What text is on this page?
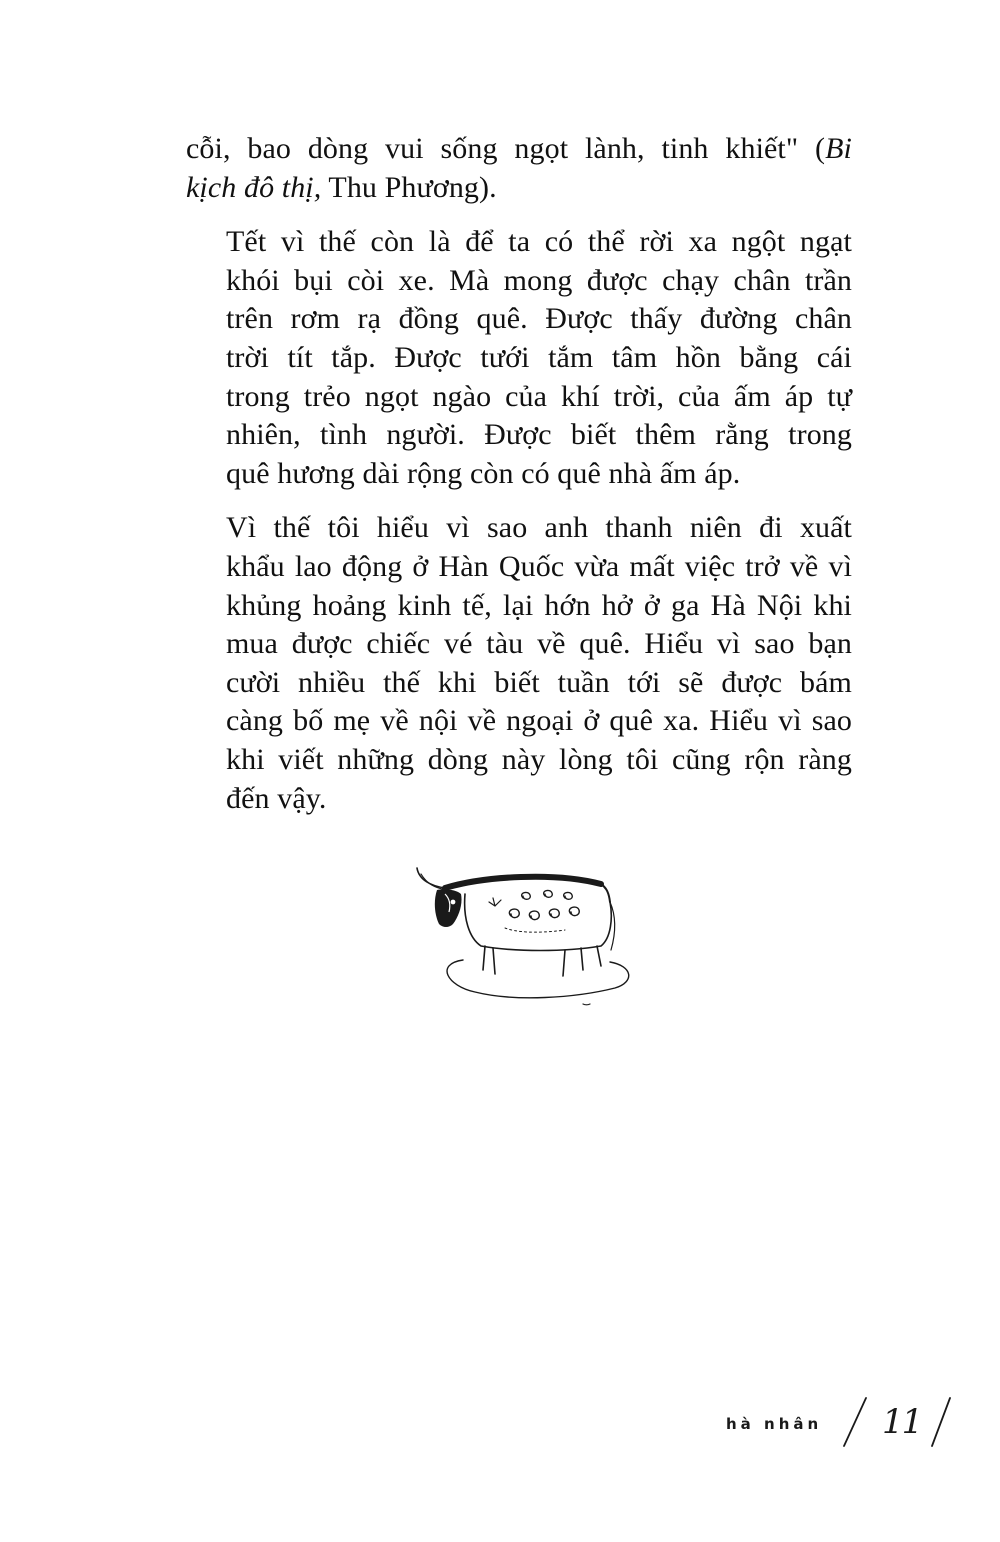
cỗi, bao dòng vui sống ngọt lành, tinh khiết" (Bi
kịch đô thị, Thu Phương).

Tết vì thế còn là để ta có thể rời xa ngột ngạt
khói bụi còi xe. Mà mong được chạy chân trần
trên rơm rạ đồng quê. Được thấy đường chân
trời tít tắp. Được tưới tắm tâm hồn bằng cái
trong trẻo ngọt ngào của khí trời, của ấm áp tự
nhiên, tình người. Được biết thêm rằng trong
quê hương dài rộng còn có quê nhà ấm áp.

Vì thế tôi hiểu vì sao anh thanh niên đi xuất
khẩu lao động ở Hàn Quốc vừa mất việc trở về vì
khủng hoảng kinh tế, lại hớn hở ở ga Hà Nội khi
mua được chiếc vé tàu về quê. Hiểu vì sao bạn
cười nhiều thế khi biết tuần tới sẽ được bám
càng bố mẹ về nội về ngoại ở quê xa. Hiểu vì sao
khi viết những dòng này lòng tôi cũng rộn ràng
đến vậy.

hà nhân 11
